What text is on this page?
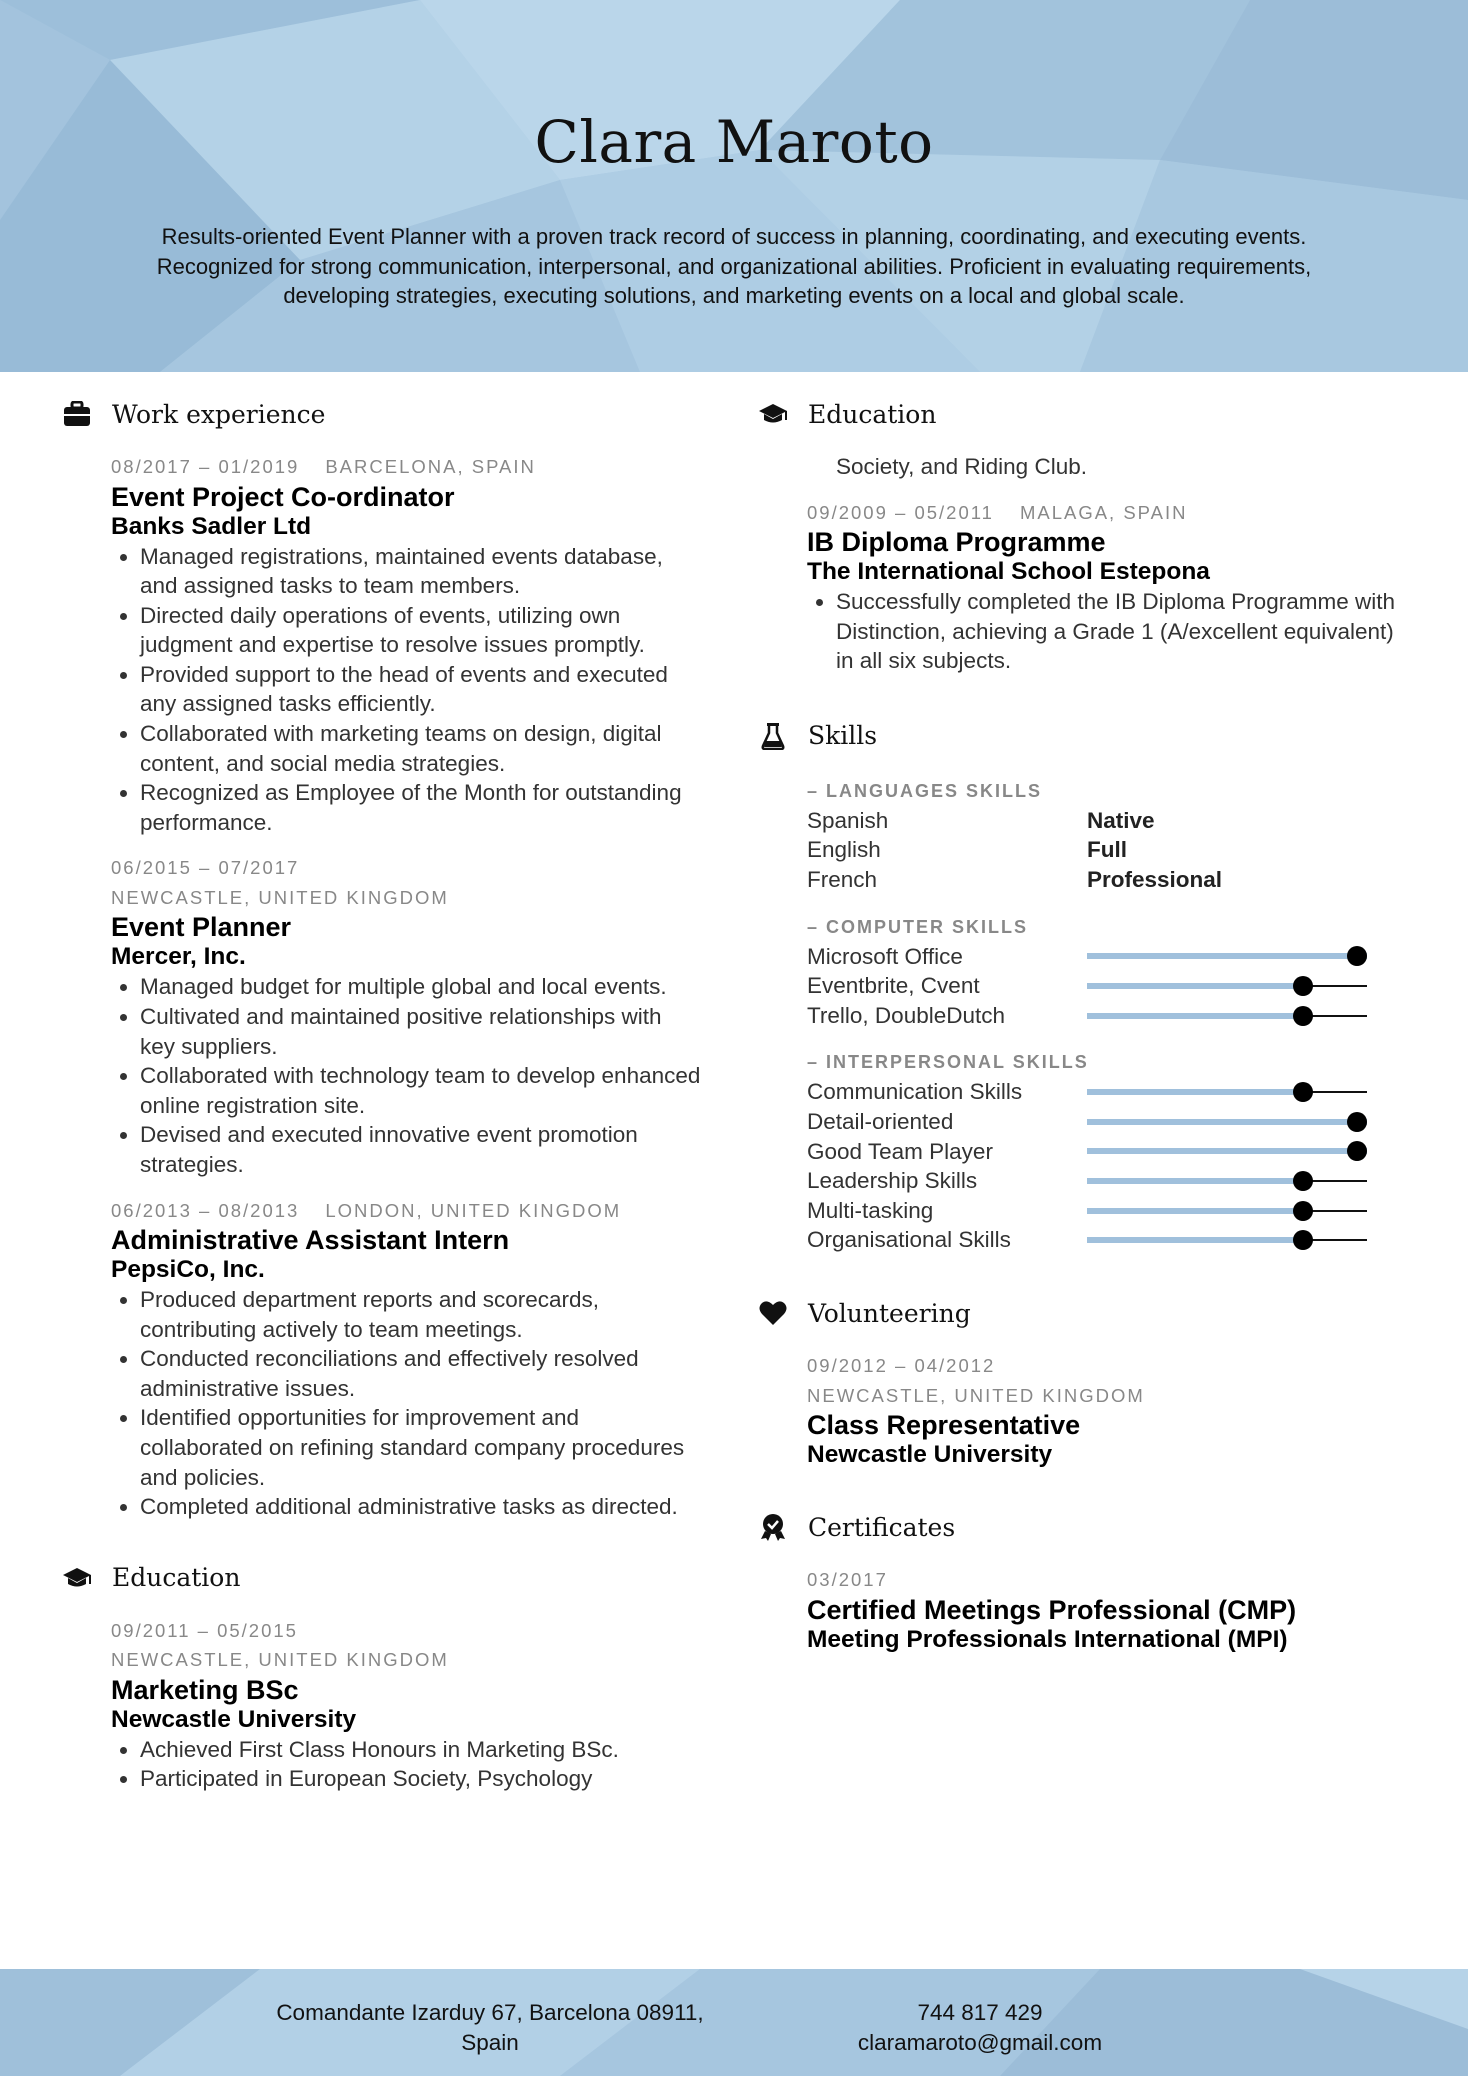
Clara Maroto
Results-oriented Event Planner with a proven track record of success in planning, coordinating, and executing events. Recognized for strong communication, interpersonal, and organizational abilities. Proficient in evaluating requirements, developing strategies, executing solutions, and marketing events on a local and global scale.
Work experience
08/2017 – 01/2019 BARCELONA, SPAIN
Event Project Co-ordinator
Banks Sadler Ltd
• Managed registrations, maintained events database, and assigned tasks to team members.
• Directed daily operations of events, utilizing own judgment and expertise to resolve issues promptly.
• Provided support to the head of events and executed any assigned tasks efficiently.
• Collaborated with marketing teams on design, digital content, and social media strategies.
• Recognized as Employee of the Month for outstanding performance.
06/2015 – 07/2017
NEWCASTLE, UNITED KINGDOM
Event Planner
Mercer, Inc.
• Managed budget for multiple global and local events.
• Cultivated and maintained positive relationships with key suppliers.
• Collaborated with technology team to develop enhanced online registration site.
• Devised and executed innovative event promotion strategies.
06/2013 – 08/2013 LONDON, UNITED KINGDOM
Administrative Assistant Intern
PepsiCo, Inc.
• Produced department reports and scorecards, contributing actively to team meetings.
• Conducted reconciliations and effectively resolved administrative issues.
• Identified opportunities for improvement and collaborated on refining standard company procedures and policies.
• Completed additional administrative tasks as directed.
Education
09/2011 – 05/2015
NEWCASTLE, UNITED KINGDOM
Marketing BSc
Newcastle University
• Achieved First Class Honours in Marketing BSc.
• Participated in European Society, Psychology
Education
Society, and Riding Club.
09/2009 – 05/2011 MALAGA, SPAIN
IB Diploma Programme
The International School Estepona
• Successfully completed the IB Diploma Programme with Distinction, achieving a Grade 1 (A/excellent equivalent) in all six subjects.
Skills
– LANGUAGES SKILLS
Spanish	Native
English	Full
French	Professional
– COMPUTER SKILLS
Microsoft Office
Eventbrite, Cvent
Trello, DoubleDutch
– INTERPERSONAL SKILLS
Communication Skills
Detail-oriented
Good Team Player
Leadership Skills
Multi-tasking
Organisational Skills
Volunteering
09/2012 – 04/2012
NEWCASTLE, UNITED KINGDOM
Class Representative
Newcastle University
Certificates
03/2017
Certified Meetings Professional (CMP)
Meeting Professionals International (MPI)
Comandante Izarduy 67, Barcelona 08911,
Spain
744 817 429
claramaroto@gmail.com
